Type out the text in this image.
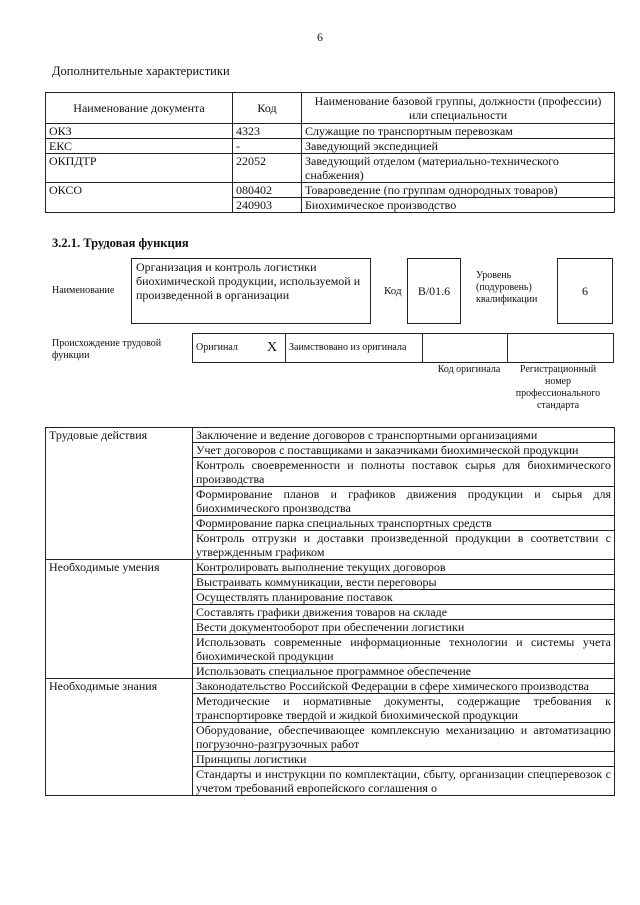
6
Дополнительные характеристики
Наименование документа	Код	Наименование базовой группы, должности (профессии) или специальности
ОКЗ	4323	Служащие по транспортным перевозкам
ЕКС	-	Заведующий экспедицией
ОКПДТР	22052	Заведующий отделом (материально-технического снабжения)
ОКСО	080402	Товароведение (по группам однородных товаров)
	240903	Биохимическое производство
3.2.1. Трудовая функция
Наименование
Организация и контроль логистики биохимической продукции, используемой и произведенной в организации	Код	B/01.6
Уровень (подуровень) квалификации
6
Происхождение трудовой функции
Оригинал	X	Заимствовано из оригинала		
Код оригинала	Регистрационный номер профессионального стандарта
Трудовые действия	Заключение и ведение договоров с транспортными организациями
	Учет договоров с поставщиками и заказчиками биохимической продукции
	Контроль своевременности и полноты поставок сырья для биохимического производства
	Формирование планов и графиков движения продукции и сырья для биохимического производства
	Формирование парка специальных транспортных средств
	Контроль отгрузки и доставки произведенной продукции в соответствии с утвержденным графиком
Необходимые умения	Контролировать выполнение текущих договоров
	Выстраивать коммуникации, вести переговоры
	Осуществлять планирование поставок
	Составлять графики движения товаров на складе
	Вести документооборот при обеспечении логистики
	Использовать современные информационные технологии и системы учета биохимической продукции
	Использовать специальное программное обеспечение
Необходимые знания	Законодательство Российской Федерации в сфере химического производства
	Методические и нормативные документы, содержащие требования к транспортировке твердой и жидкой биохимической продукции
	Оборудование, обеспечивающее комплексную механизацию и автоматизацию погрузочно-разгрузочных работ
	Принципы логистики
	Стандарты и инструкции по комплектации, сбыту, организации спецперевозок с учетом требований европейского соглашения о
